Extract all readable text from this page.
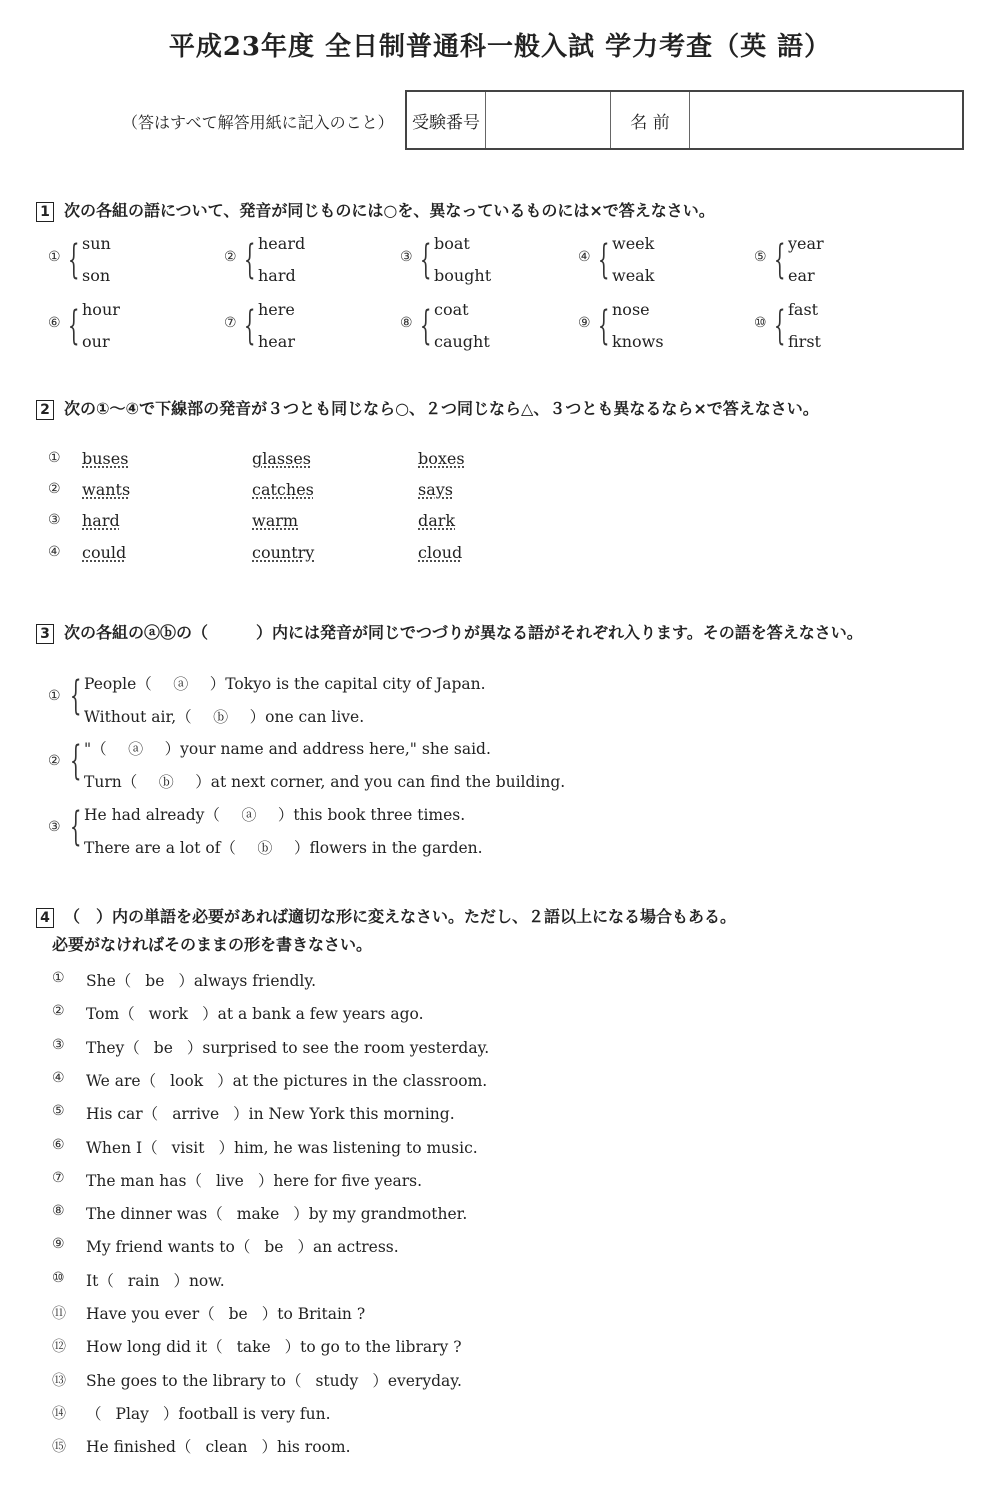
平成23年度 全日制普通科一般入試 学力考査（英 語）
（答はすべて解答用紙に記入のこと） 受験番号	名 前
1 次の各組の語について、発音が同じものには○を、異なっているものには×で答えなさい。
① { sun
son
② { heard
hard
③ { boat
bought
④ { week
weak
⑤ { year
ear
⑥ { hour
our
⑦ { here
hear
⑧ { coat
caught
⑨ { nose
knows
⑩ { fast
first
2 次の①～④で下線部の発音が３つとも同じなら○、２つ同じなら△、３つとも異なるなら×で答えなさい。
① buses	glasses	boxes
② wants	catches	says
③ hard	warm	dark
④ could	country	cloud
3 次の各組のⓐⓑの（　　　）内には発音が同じでつづりが異なる語がそれぞれ入ります。その語を答えなさい。
① { People（ ⓐ ）Tokyo is the capital city of Japan.
Without air,（ ⓑ ）one can live.
② { "（ ⓐ ）your name and address here," she said.
Turn（ ⓑ ）at next corner, and you can find the building.
③ { He had already（ ⓐ ）this book three times.
There are a lot of（ ⓑ ）flowers in the garden.
4 （　）内の単語を必要があれば適切な形に変えなさい。ただし、２語以上になる場合もある。
必要がなければそのままの形を書きなさい。
① She（ be ）always friendly.
② Tom（ work ）at a bank a few years ago.
③ They（ be ）surprised to see the room yesterday.
④ We are（ look ）at the pictures in the classroom.
⑤ His car（ arrive ）in New York this morning.
⑥ When I（ visit ）him, he was listening to music.
⑦ The man has（ live ）here for five years.
⑧ The dinner was（ make ）by my grandmother.
⑨ My friend wants to（ be ）an actress.
⑩ It（ rain ）now.
⑪ Have you ever（ be ）to Britain ?
⑫ How long did it（ take ）to go to the library ?
⑬ She goes to the library to（ study ）everyday.
⑭ （ Play ）football is very fun.
⑮ He finished（ clean ）his room.
